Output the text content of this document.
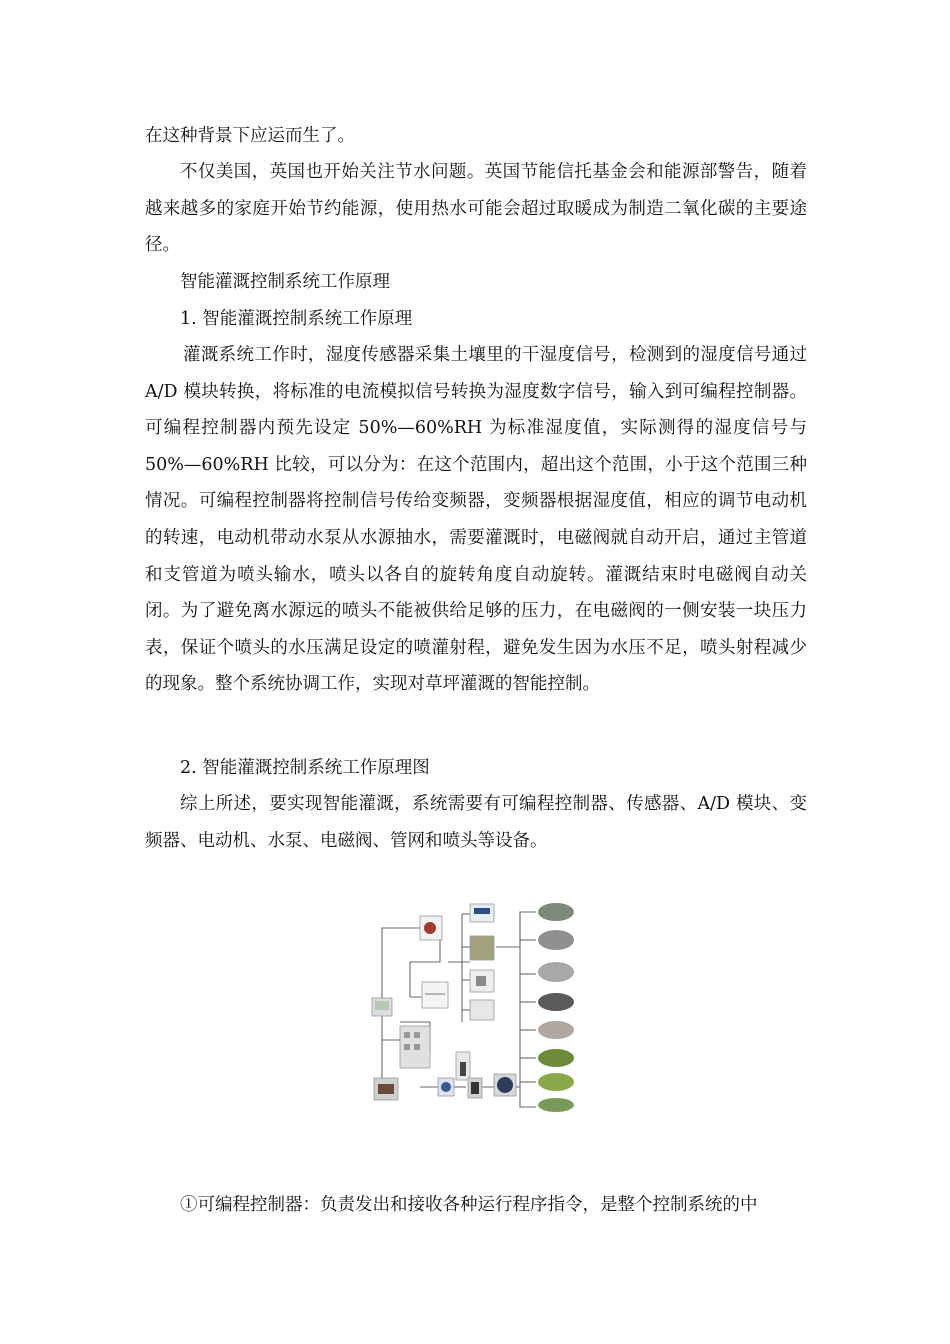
在这种背景下应运而生了。

不仅美国，英国也开始关注节水问题。英国节能信托基金会和能源部警告，随着越来越多的家庭开始节约能源，使用热水可能会超过取暖成为制造二氧化碳的主要途径。

智能灌溉控制系统工作原理

1. 智能灌溉控制系统工作原理

灌溉系统工作时，湿度传感器采集土壤里的干湿度信号，检测到的湿度信号通过 A/D 模块转换，将标准的电流模拟信号转换为湿度数字信号，输入到可编程控制器。可编程控制器内预先设定 50%—60%RH 为标准湿度值，实际测得的湿度信号与 50%—60%RH 比较，可以分为：在这个范围内，超出这个范围，小于这个范围三种情况。可编程控制器将控制信号传给变频器，变频器根据湿度值，相应的调节电动机的转速，电动机带动水泵从水源抽水，需要灌溉时，电磁阀就自动开启，通过主管道和支管道为喷头输水，喷头以各自的旋转角度自动旋转。灌溉结束时电磁阀自动关闭。为了避免离水源远的喷头不能被供给足够的压力，在电磁阀的一侧安装一块压力表，保证个喷头的水压满足设定的喷灌射程，避免发生因为水压不足，喷头射程减少的现象。整个系统协调工作，实现对草坪灌溉的智能控制。

2. 智能灌溉控制系统工作原理图

综上所述，要实现智能灌溉，系统需要有可编程控制器、传感器、A/D 模块、变频器、电动机、水泵、电磁阀、管网和喷头等设备。

①可编程控制器：负责发出和接收各种运行程序指令，是整个控制系统的中
